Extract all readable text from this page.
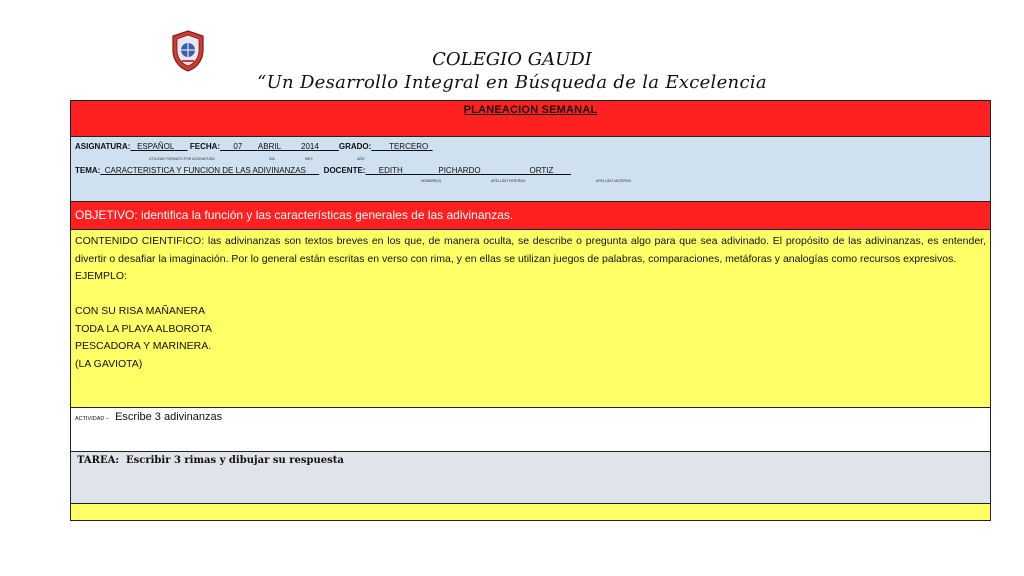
COLEGIO GAUDI
“Un Desarrollo Integral en Búsqueda de la Excelencia
PLANEACION SEMANAL
ASIGNATURA: ESPAÑOL FECHA: 07 ABRIL	2014	GRADO: TERCERO
UTILIZAR FORMATO POR ASIGNATURA	DÍA	MES	AÑO
TEMA: CARACTERISTICA Y FUNCION DE LAS ADIVINANZAS DOCENTE: EDITH	PICHARDO	ORTIZ
NOMBRE(S)	APELLIDO PATERNO	APELLIDO MATERNO
OBJETIVO: identifica la función y las características generales de las adivinanzas.

CONTENIDO CIENTIFICO: las adivinanzas son textos breves en los que, de manera oculta, se describe o pregunta algo para que sea adivinado. El propósito de las adivinanzas, es entender, divertir o desafiar la imaginación. Por lo general están escritas en verso con rima, y en ellas se utilizan juegos de palabras, comparaciones, metáforas y analogías como recursos expresivos.

EJEMPLO:

CON SU RISA MAÑANERA

TODA LA PLAYA ALBOROTA

PESCADORA Y MARINERA.

(LA GAVIOTA)

ACTIVIDAD – Escribe 3 adivinanzas
TAREA: Escribir 3 rimas y dibujar su respuesta
